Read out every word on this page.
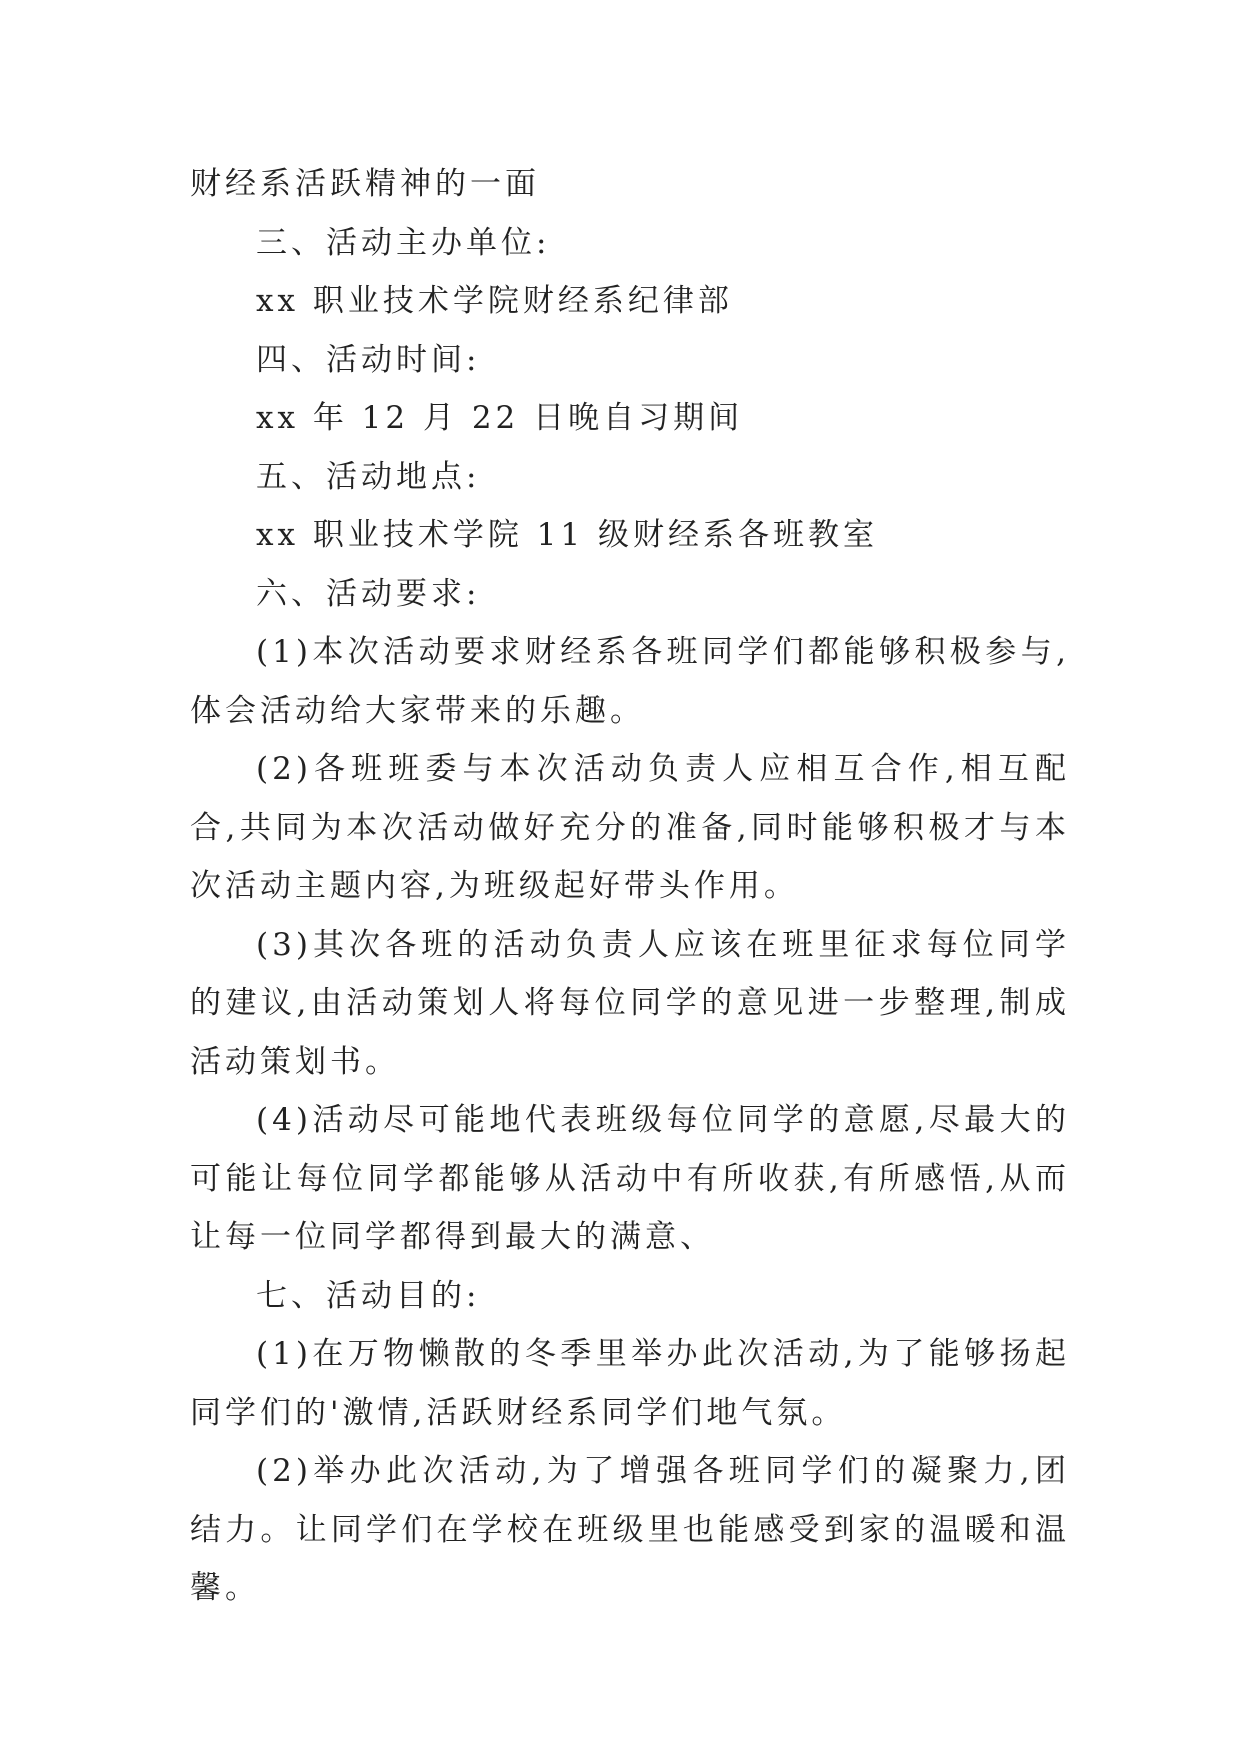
财经系活跃精神的一面

三、活动主办单位:

xx 职业技术学院财经系纪律部

四、活动时间:

xx 年 12 月 22 日晚自习期间

五、活动地点:

xx 职业技术学院 11 级财经系各班教室

六、活动要求:

(1)本次活动要求财经系各班同学们都能够积极参与,体会活动给大家带来的乐趣。

(2)各班班委与本次活动负责人应相互合作,相互配合,共同为本次活动做好充分的准备,同时能够积极才与本次活动主题内容,为班级起好带头作用。

(3)其次各班的活动负责人应该在班里征求每位同学的建议,由活动策划人将每位同学的意见进一步整理,制成活动策划书。

(4)活动尽可能地代表班级每位同学的意愿,尽最大的可能让每位同学都能够从活动中有所收获,有所感悟,从而让每一位同学都得到最大的满意、

七、活动目的:

(1)在万物懒散的冬季里举办此次活动,为了能够扬起同学们的'激情,活跃财经系同学们地气氛。

(2)举办此次活动,为了增强各班同学们的凝聚力,团结力。让同学们在学校在班级里也能感受到家的温暖和温馨。
